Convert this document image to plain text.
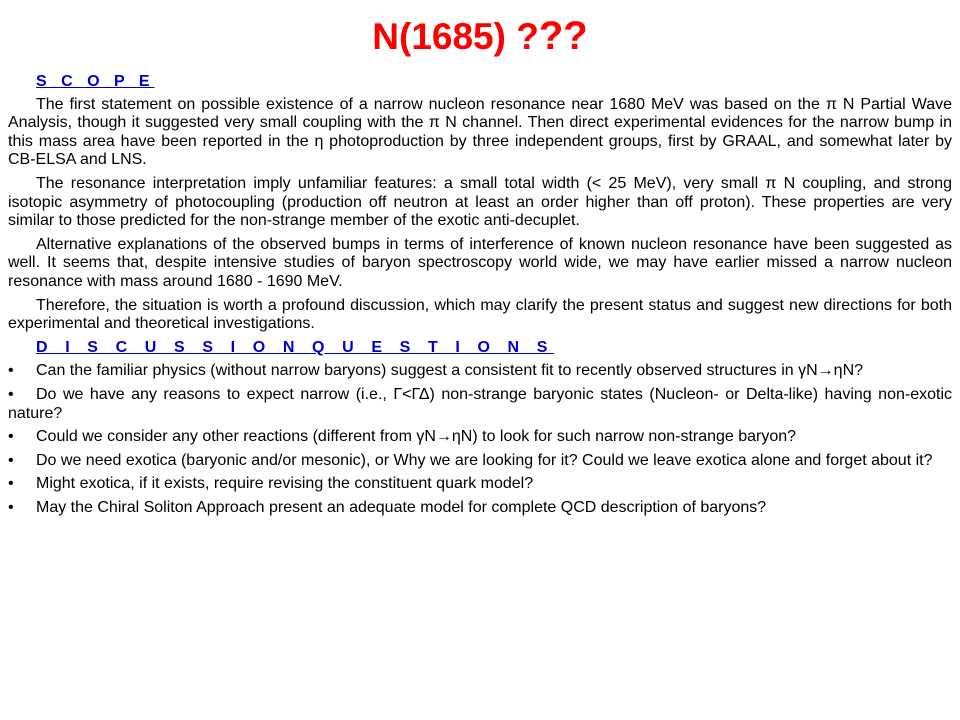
N(1685) ???

S C O P E

The first statement on possible existence of a narrow nucleon resonance near 1680 MeV was based on the π N Partial Wave Analysis, though it suggested very small coupling with the π N channel. Then direct experimental evidences for the narrow bump in this mass area have been reported in the η photoproduction by three independent groups, first by GRAAL, and somewhat later by CB-ELSA and LNS.

The resonance interpretation imply unfamiliar features: a small total width (< 25 MeV), very small π N coupling, and strong isotopic asymmetry of photocoupling (production off neutron at least an order higher than off proton). These properties are very similar to those predicted for the non-strange member of the exotic anti-decuplet.

Alternative explanations of the observed bumps in terms of interference of known nucleon resonance have been suggested as well. It seems that, despite intensive studies of baryon spectroscopy world wide, we may have earlier missed a narrow nucleon resonance with mass around 1680 - 1690 MeV.

Therefore, the situation is worth a profound discussion, which may clarify the present status and suggest new directions for both experimental and theoretical investigations.

D I S C U S S I O N Q U E S T I O N S

• Can the familiar physics (without narrow baryons) suggest a consistent fit to recently observed structures in γN→ηN?
• Do we have any reasons to expect narrow (i.e., Γ<ΓΔ) non-strange baryonic states (Nucleon- or Delta-like) having non-exotic nature?
• Could we consider any other reactions (different from γN→ηN) to look for such narrow non-strange baryon?
• Do we need exotica (baryonic and/or mesonic), or Why we are looking for it? Could we leave exotica alone and forget about it?
• Might exotica, if it exists, require revising the constituent quark model?
• May the Chiral Soliton Approach present an adequate model for complete QCD description of baryons?
